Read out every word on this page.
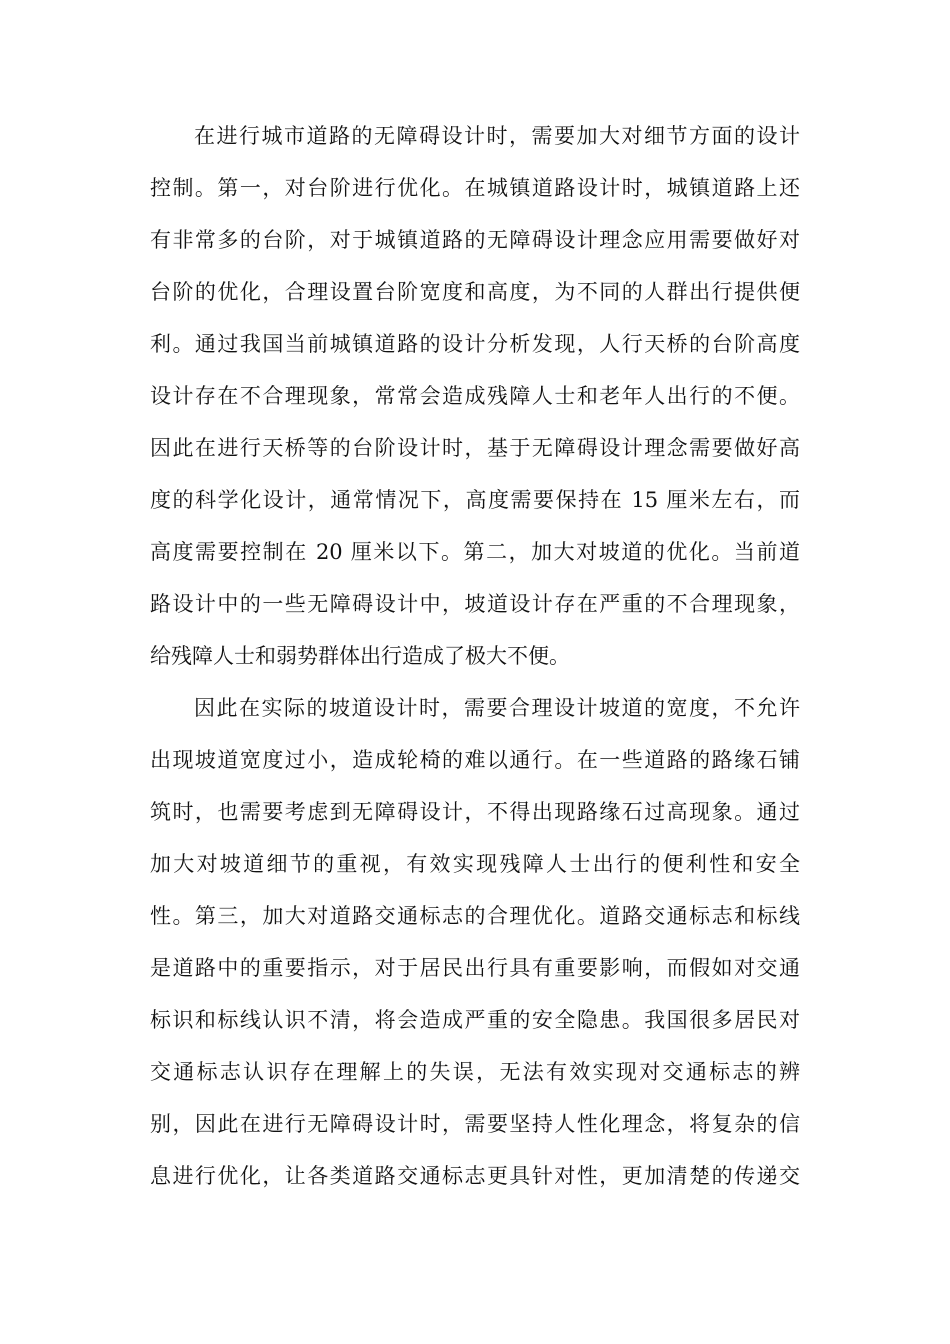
在进行城市道路的无障碍设计时，需要加大对细节方面的设计
控制。第一，对台阶进行优化。在城镇道路设计时，城镇道路上还
有非常多的台阶，对于城镇道路的无障碍设计理念应用需要做好对
台阶的优化，合理设置台阶宽度和高度，为不同的人群出行提供便
利。通过我国当前城镇道路的设计分析发现，人行天桥的台阶高度
设计存在不合理现象，常常会造成残障人士和老年人出行的不便。
因此在进行天桥等的台阶设计时，基于无障碍设计理念需要做好高
度的科学化设计，通常情况下，高度需要保持在 15 厘米左右，而
高度需要控制在 20 厘米以下。第二，加大对坡道的优化。当前道
路设计中的一些无障碍设计中，坡道设计存在严重的不合理现象，
给残障人士和弱势群体出行造成了极大不便。
因此在实际的坡道设计时，需要合理设计坡道的宽度，不允许
出现坡道宽度过小，造成轮椅的难以通行。在一些道路的路缘石铺
筑时，也需要考虑到无障碍设计，不得出现路缘石过高现象。通过
加大对坡道细节的重视，有效实现残障人士出行的便利性和安全
性。第三，加大对道路交通标志的合理优化。道路交通标志和标线
是道路中的重要指示，对于居民出行具有重要影响，而假如对交通
标识和标线认识不清，将会造成严重的安全隐患。我国很多居民对
交通标志认识存在理解上的失误，无法有效实现对交通标志的辨
别，因此在进行无障碍设计时，需要坚持人性化理念，将复杂的信
息进行优化，让各类道路交通标志更具针对性，更加清楚的传递交
